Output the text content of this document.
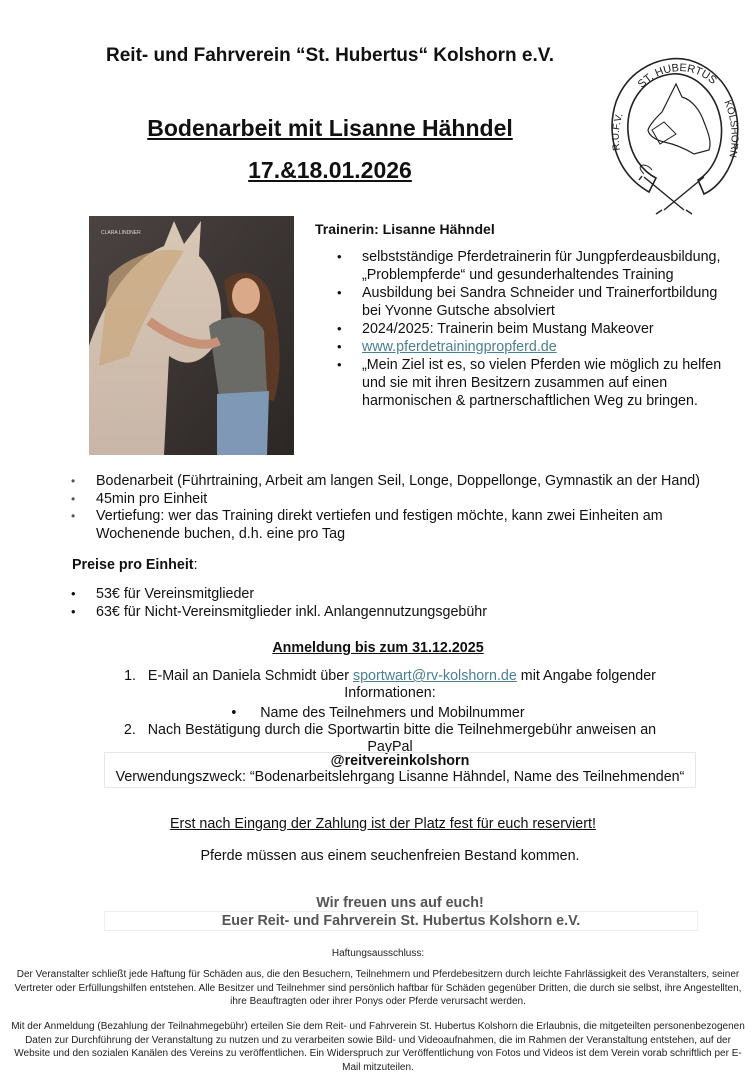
Reit- und Fahrverein “St. Hubertus“ Kolshorn e.V.
Bodenarbeit mit Lisanne Hähndel
17.&18.01.2026
ST. HUBERTUS
R.U.F.V.
KOLSHORN
CLARA LINDNER	Trainerin: Lisanne Hähndel
• selbstständige Pferdetrainerin für Jungpferdeausbildung, „Problempferde“ und gesunderhaltendes Training
• Ausbildung bei Sandra Schneider und Trainerfortbildung bei Yvonne Gutsche absolviert
• 2024/2025: Trainerin beim Mustang Makeover
• www.pferdetrainingpropferd.de
• „Mein Ziel ist es, so vielen Pferden wie möglich zu helfen und sie mit ihren Besitzern zusammen auf einen harmonischen & partnerschaftlichen Weg zu bringen.
• Bodenarbeit (Führtraining, Arbeit am langen Seil, Longe, Doppellonge, Gymnastik an der Hand)
• 45min pro Einheit
• Vertiefung: wer das Training direkt vertiefen und festigen möchte, kann zwei Einheiten am Wochenende buchen, d.h. eine pro Tag
Preise pro Einheit:
• 53€ für Vereinsmitglieder
• 63€ für Nicht-Vereinsmitglieder inkl. Anlangennutzungsgebühr
Anmeldung bis zum 31.12.2025
1. E-Mail an Daniela Schmidt über sportwart@rv-kolshorn.de mit Angabe folgender Informationen:
•      Name des Teilnehmers und Mobilnummer
2. Nach Bestätigung durch die Sportwartin bitte die Teilnehmergebühr anweisen an PayPal
@reitvereinkolshorn
Verwendungszweck: “Bodenarbeitslehrgang Lisanne Hähndel, Name des Teilnehmenden“
Erst nach Eingang der Zahlung ist der Platz fest für euch reserviert!
Pferde müssen aus einem seuchenfreien Bestand kommen.
Wir freuen uns auf euch!
Euer Reit- und Fahrverein St. Hubertus Kolshorn e.V.
Haftungsausschluss:
Der Veranstalter schließt jede Haftung für Schäden aus, die den Besuchern, Teilnehmern und Pferdebesitzern durch leichte Fahrlässigkeit des Veranstalters, seiner Vertreter oder Erfüllungshilfen entstehen. Alle Besitzer und Teilnehmer sind persönlich haftbar für Schäden gegenüber Dritten, die durch sie selbst, ihre Angestellten, ihre Beauftragten oder ihrer Ponys oder Pferde verursacht werden.
Mit der Anmeldung (Bezahlung der Teilnahmegebühr) erteilen Sie dem Reit- und Fahrverein St. Hubertus Kolshorn die Erlaubnis, die mitgeteilten personenbezogenen Daten zur Durchführung der Veranstaltung zu nutzen und zu verarbeiten sowie Bild- und Videoaufnahmen, die im Rahmen der Veranstaltung entstehen, auf der Website und den sozialen Kanälen des Vereins zu veröffentlichen. Ein Widerspruch zur Veröffentlichung von Fotos und Videos ist dem Verein vorab schriftlich per E-Mail mitzuteilen.
